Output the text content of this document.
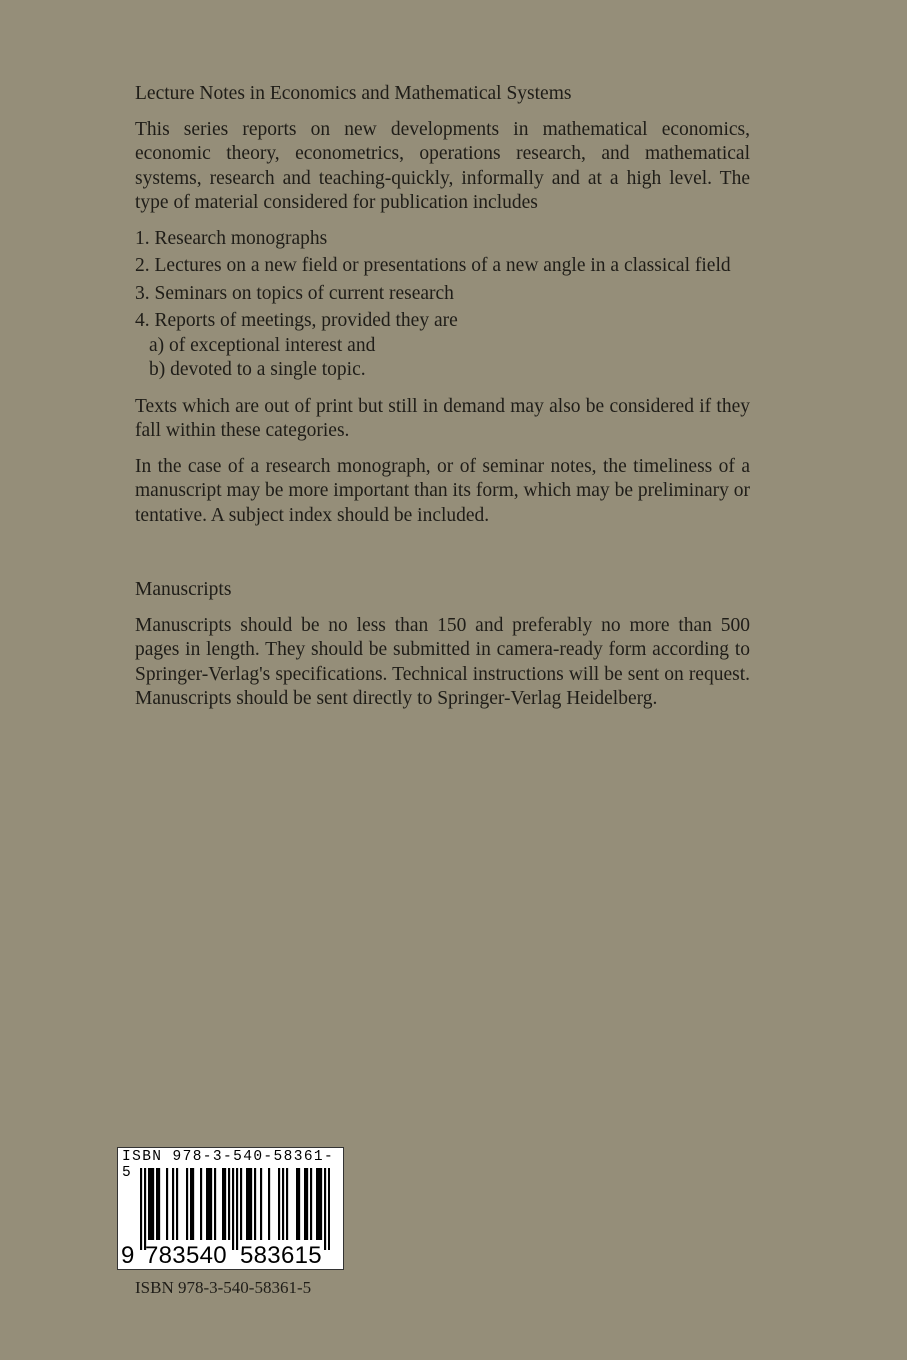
Lecture Notes in Economics and Mathematical Systems

This series reports on new developments in mathematical economics, economic theory, econometrics, operations research, and mathematical systems, research and teaching-quickly, informally and at a high level. The type of material considered for publication includes

1. Research monographs
2. Lectures on a new field or presentations of a new angle in a classical field
3. Seminars on topics of current research
4. Reports of meetings, provided they are
a) of exceptional interest and
b) devoted to a single topic.

Texts which are out of print but still in demand may also be considered if they fall within these categories.

In the case of a research monograph, or of seminar notes, the timeliness of a manuscript may be more important than its form, which may be preliminary or tentative. A subject index should be included.

Manuscripts

Manuscripts should be no less than 150 and preferably no more than 500 pages in length. They should be submitted in camera-ready form according to Springer-Verlag's specifications. Technical instructions will be sent on request. Manuscripts should be sent directly to Springer-Verlag Heidelberg.

ISBN 978-3-540-58361-5
9 783540 583615
ISBN 978-3-540-58361-5
